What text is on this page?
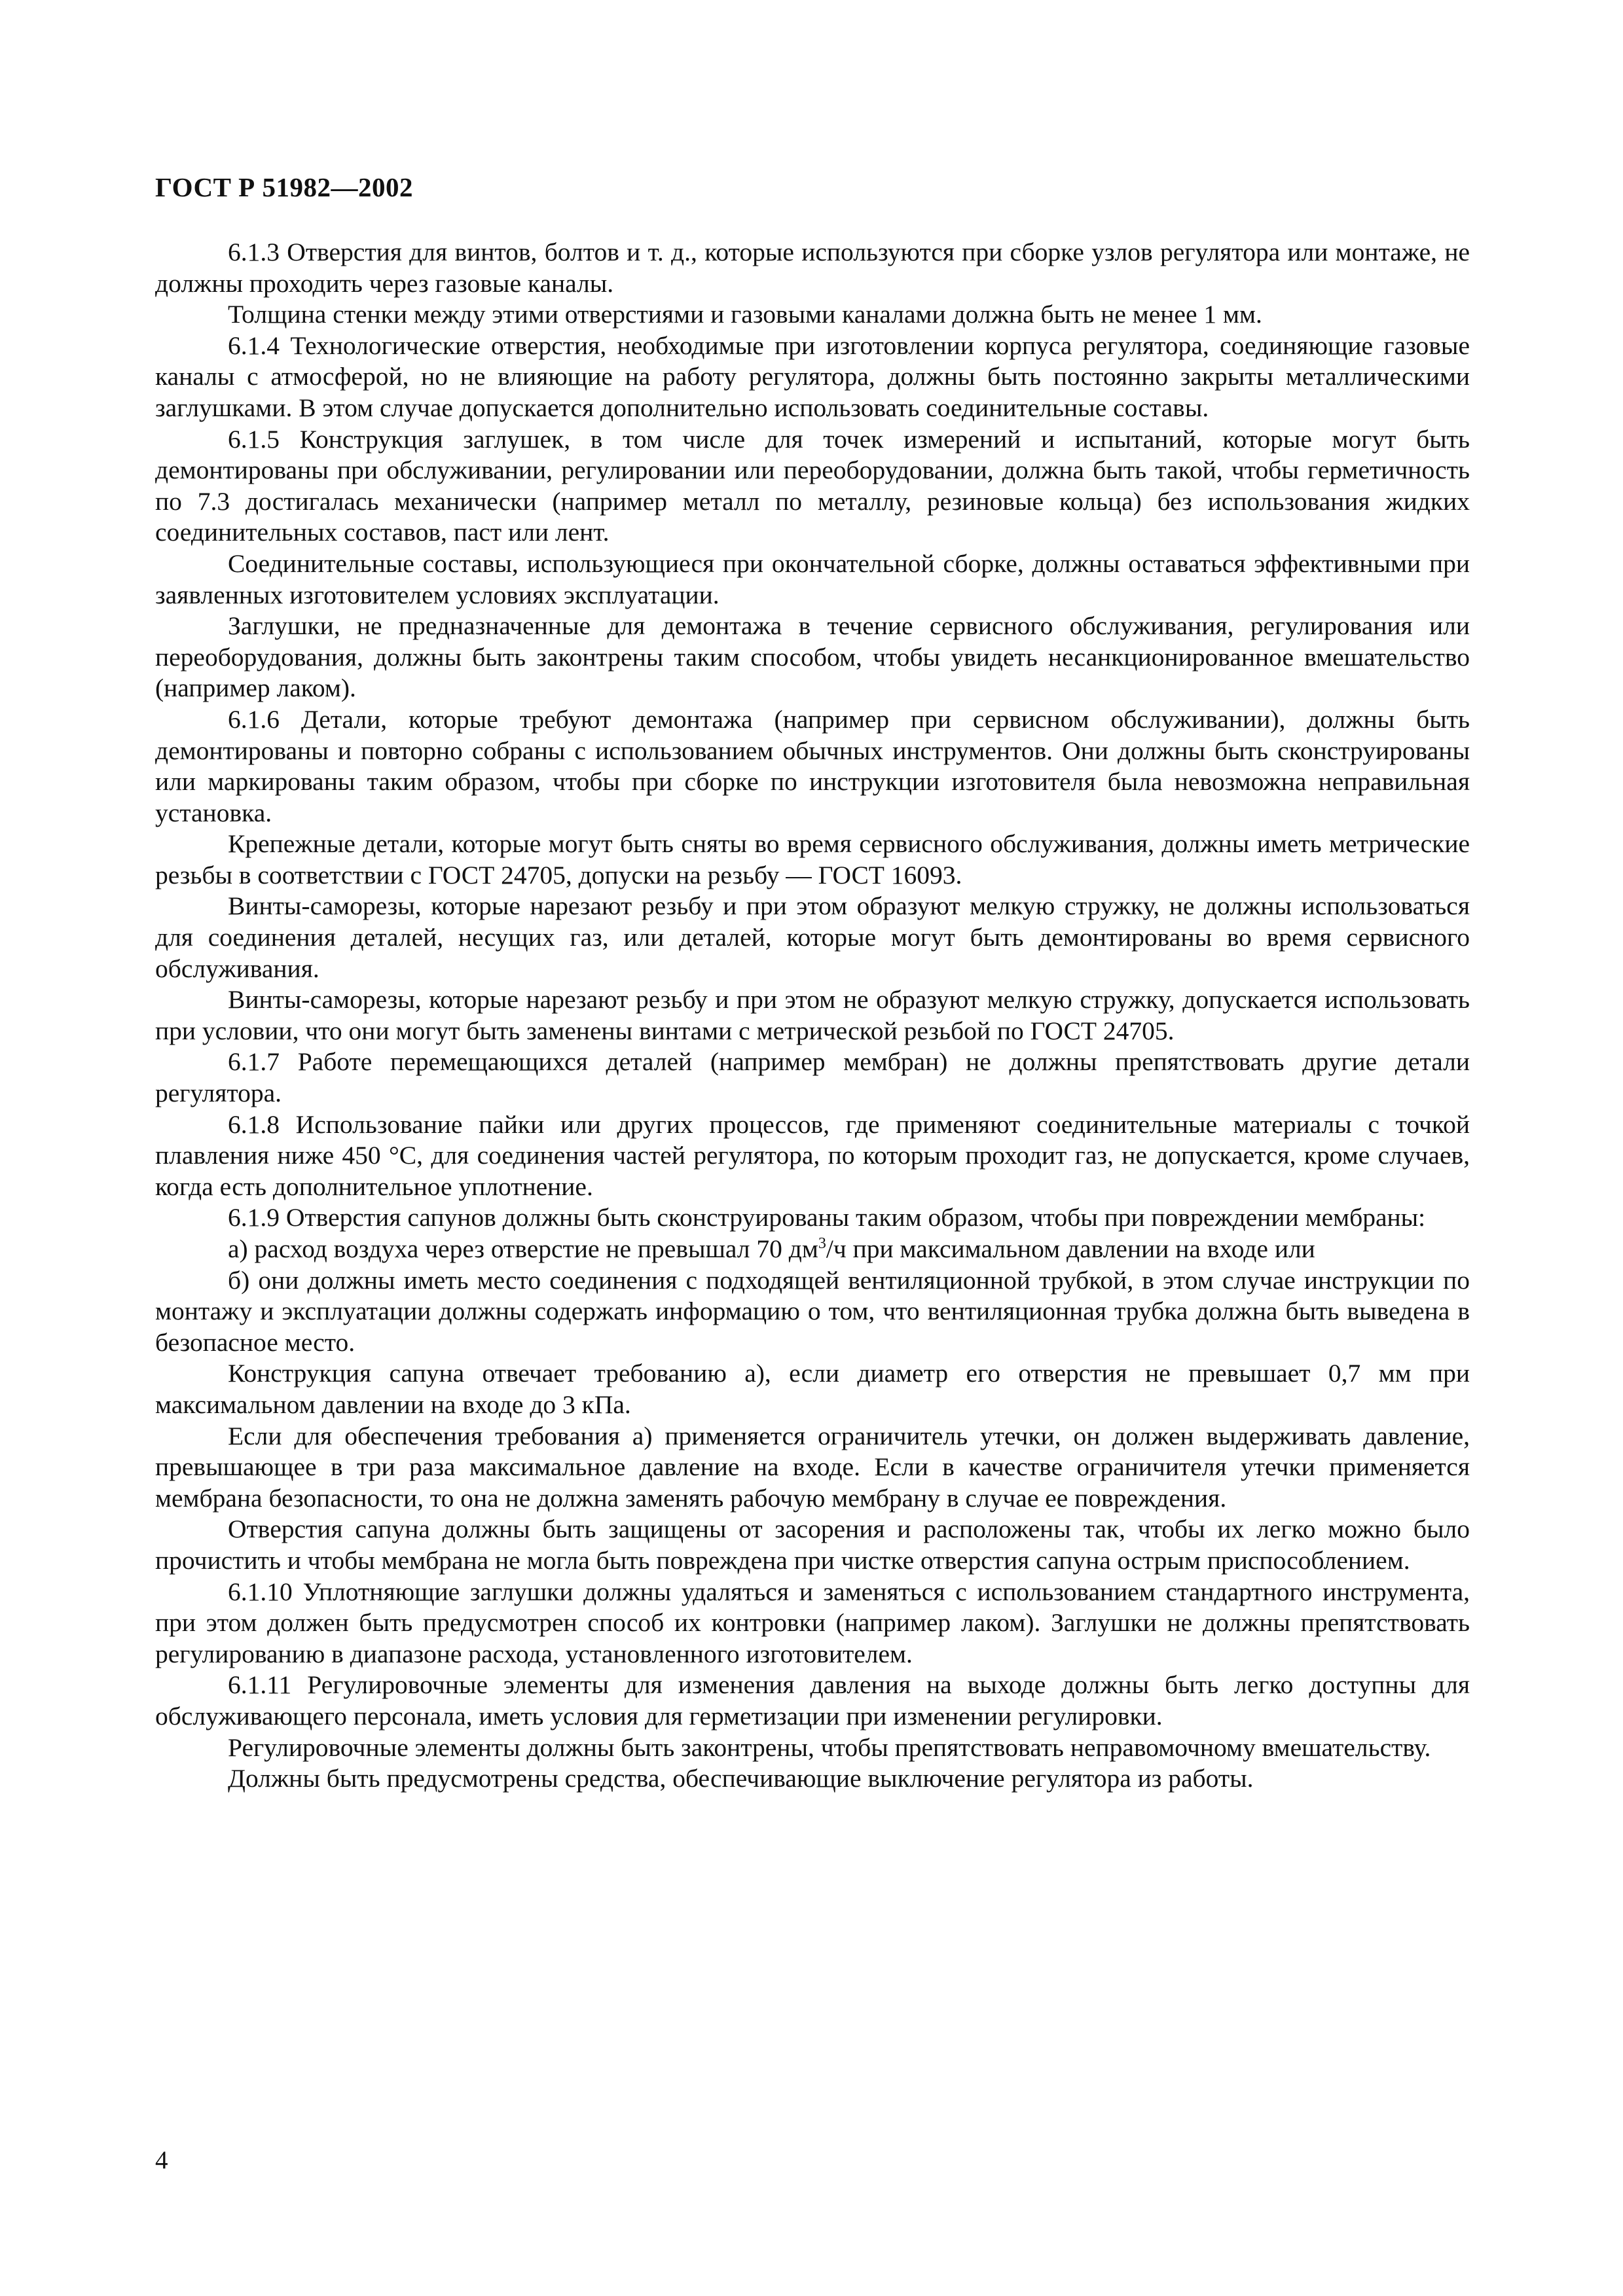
ГОСТ Р 51982—2002

6.1.3 Отверстия для винтов, болтов и т. д., которые используются при сборке узлов регулятора или монтаже, не должны проходить через газовые каналы.

Толщина стенки между этими отверстиями и газовыми каналами должна быть не менее 1 мм.

6.1.4 Технологические отверстия, необходимые при изготовлении корпуса регулятора, соединяющие газовые каналы с атмосферой, но не влияющие на работу регулятора, должны быть постоянно закрыты металлическими заглушками. В этом случае допускается дополнительно использовать соединительные составы.

6.1.5 Конструкция заглушек, в том числе для точек измерений и испытаний, которые могут быть демонтированы при обслуживании, регулировании или переоборудовании, должна быть такой, чтобы герметичность по 7.3 достигалась механически (например металл по металлу, резиновые кольца) без использования жидких соединительных составов, паст или лент.

Соединительные составы, использующиеся при окончательной сборке, должны оставаться эффективными при заявленных изготовителем условиях эксплуатации.

Заглушки, не предназначенные для демонтажа в течение сервисного обслуживания, регулирования или переоборудования, должны быть законтрены таким способом, чтобы увидеть несанкционированное вмешательство (например лаком).

6.1.6 Детали, которые требуют демонтажа (например при сервисном обслуживании), должны быть демонтированы и повторно собраны с использованием обычных инструментов. Они должны быть сконструированы или маркированы таким образом, чтобы при сборке по инструкции изготовителя была невозможна неправильная установка.

Крепежные детали, которые могут быть сняты во время сервисного обслуживания, должны иметь метрические резьбы в соответствии с ГОСТ 24705, допуски на резьбу — ГОСТ 16093.

Винты-саморезы, которые нарезают резьбу и при этом образуют мелкую стружку, не должны использоваться для соединения деталей, несущих газ, или деталей, которые могут быть демонтированы во время сервисного обслуживания.

Винты-саморезы, которые нарезают резьбу и при этом не образуют мелкую стружку, допускается использовать при условии, что они могут быть заменены винтами с метрической резьбой по ГОСТ 24705.

6.1.7 Работе перемещающихся деталей (например мембран) не должны препятствовать другие детали регулятора.

6.1.8 Использование пайки или других процессов, где применяют соединительные материалы с точкой плавления ниже 450 °С, для соединения частей регулятора, по которым проходит газ, не допускается, кроме случаев, когда есть дополнительное уплотнение.

6.1.9 Отверстия сапунов должны быть сконструированы таким образом, чтобы при повреждении мембраны:

а) расход воздуха через отверстие не превышал 70 $дм^3/ч$ при максимальном давлении на входе или

б) они должны иметь место соединения с подходящей вентиляционной трубкой, в этом случае инструкции по монтажу и эксплуатации должны содержать информацию о том, что вентиляционная трубка должна быть выведена в безопасное место.

Конструкция сапуна отвечает требованию а), если диаметр его отверстия не превышает 0,7 мм при максимальном давлении на входе до 3 кПа.

Если для обеспечения требования а) применяется ограничитель утечки, он должен выдерживать давление, превышающее в три раза максимальное давление на входе. Если в качестве ограничителя утечки применяется мембрана безопасности, то она не должна заменять рабочую мембрану в случае ее повреждения.

Отверстия сапуна должны быть защищены от засорения и расположены так, чтобы их легко можно было прочистить и чтобы мембрана не могла быть повреждена при чистке отверстия сапуна острым приспособлением.

6.1.10 Уплотняющие заглушки должны удаляться и заменяться с использованием стандартного инструмента, при этом должен быть предусмотрен способ их контровки (например лаком). Заглушки не должны препятствовать регулированию в диапазоне расхода, установленного изготовителем.

6.1.11 Регулировочные элементы для изменения давления на выходе должны быть легко доступны для обслуживающего персонала, иметь условия для герметизации при изменении регулировки.

Регулировочные элементы должны быть законтрены, чтобы препятствовать неправомочному вмешательству.

Должны быть предусмотрены средства, обеспечивающие выключение регулятора из работы.

4
